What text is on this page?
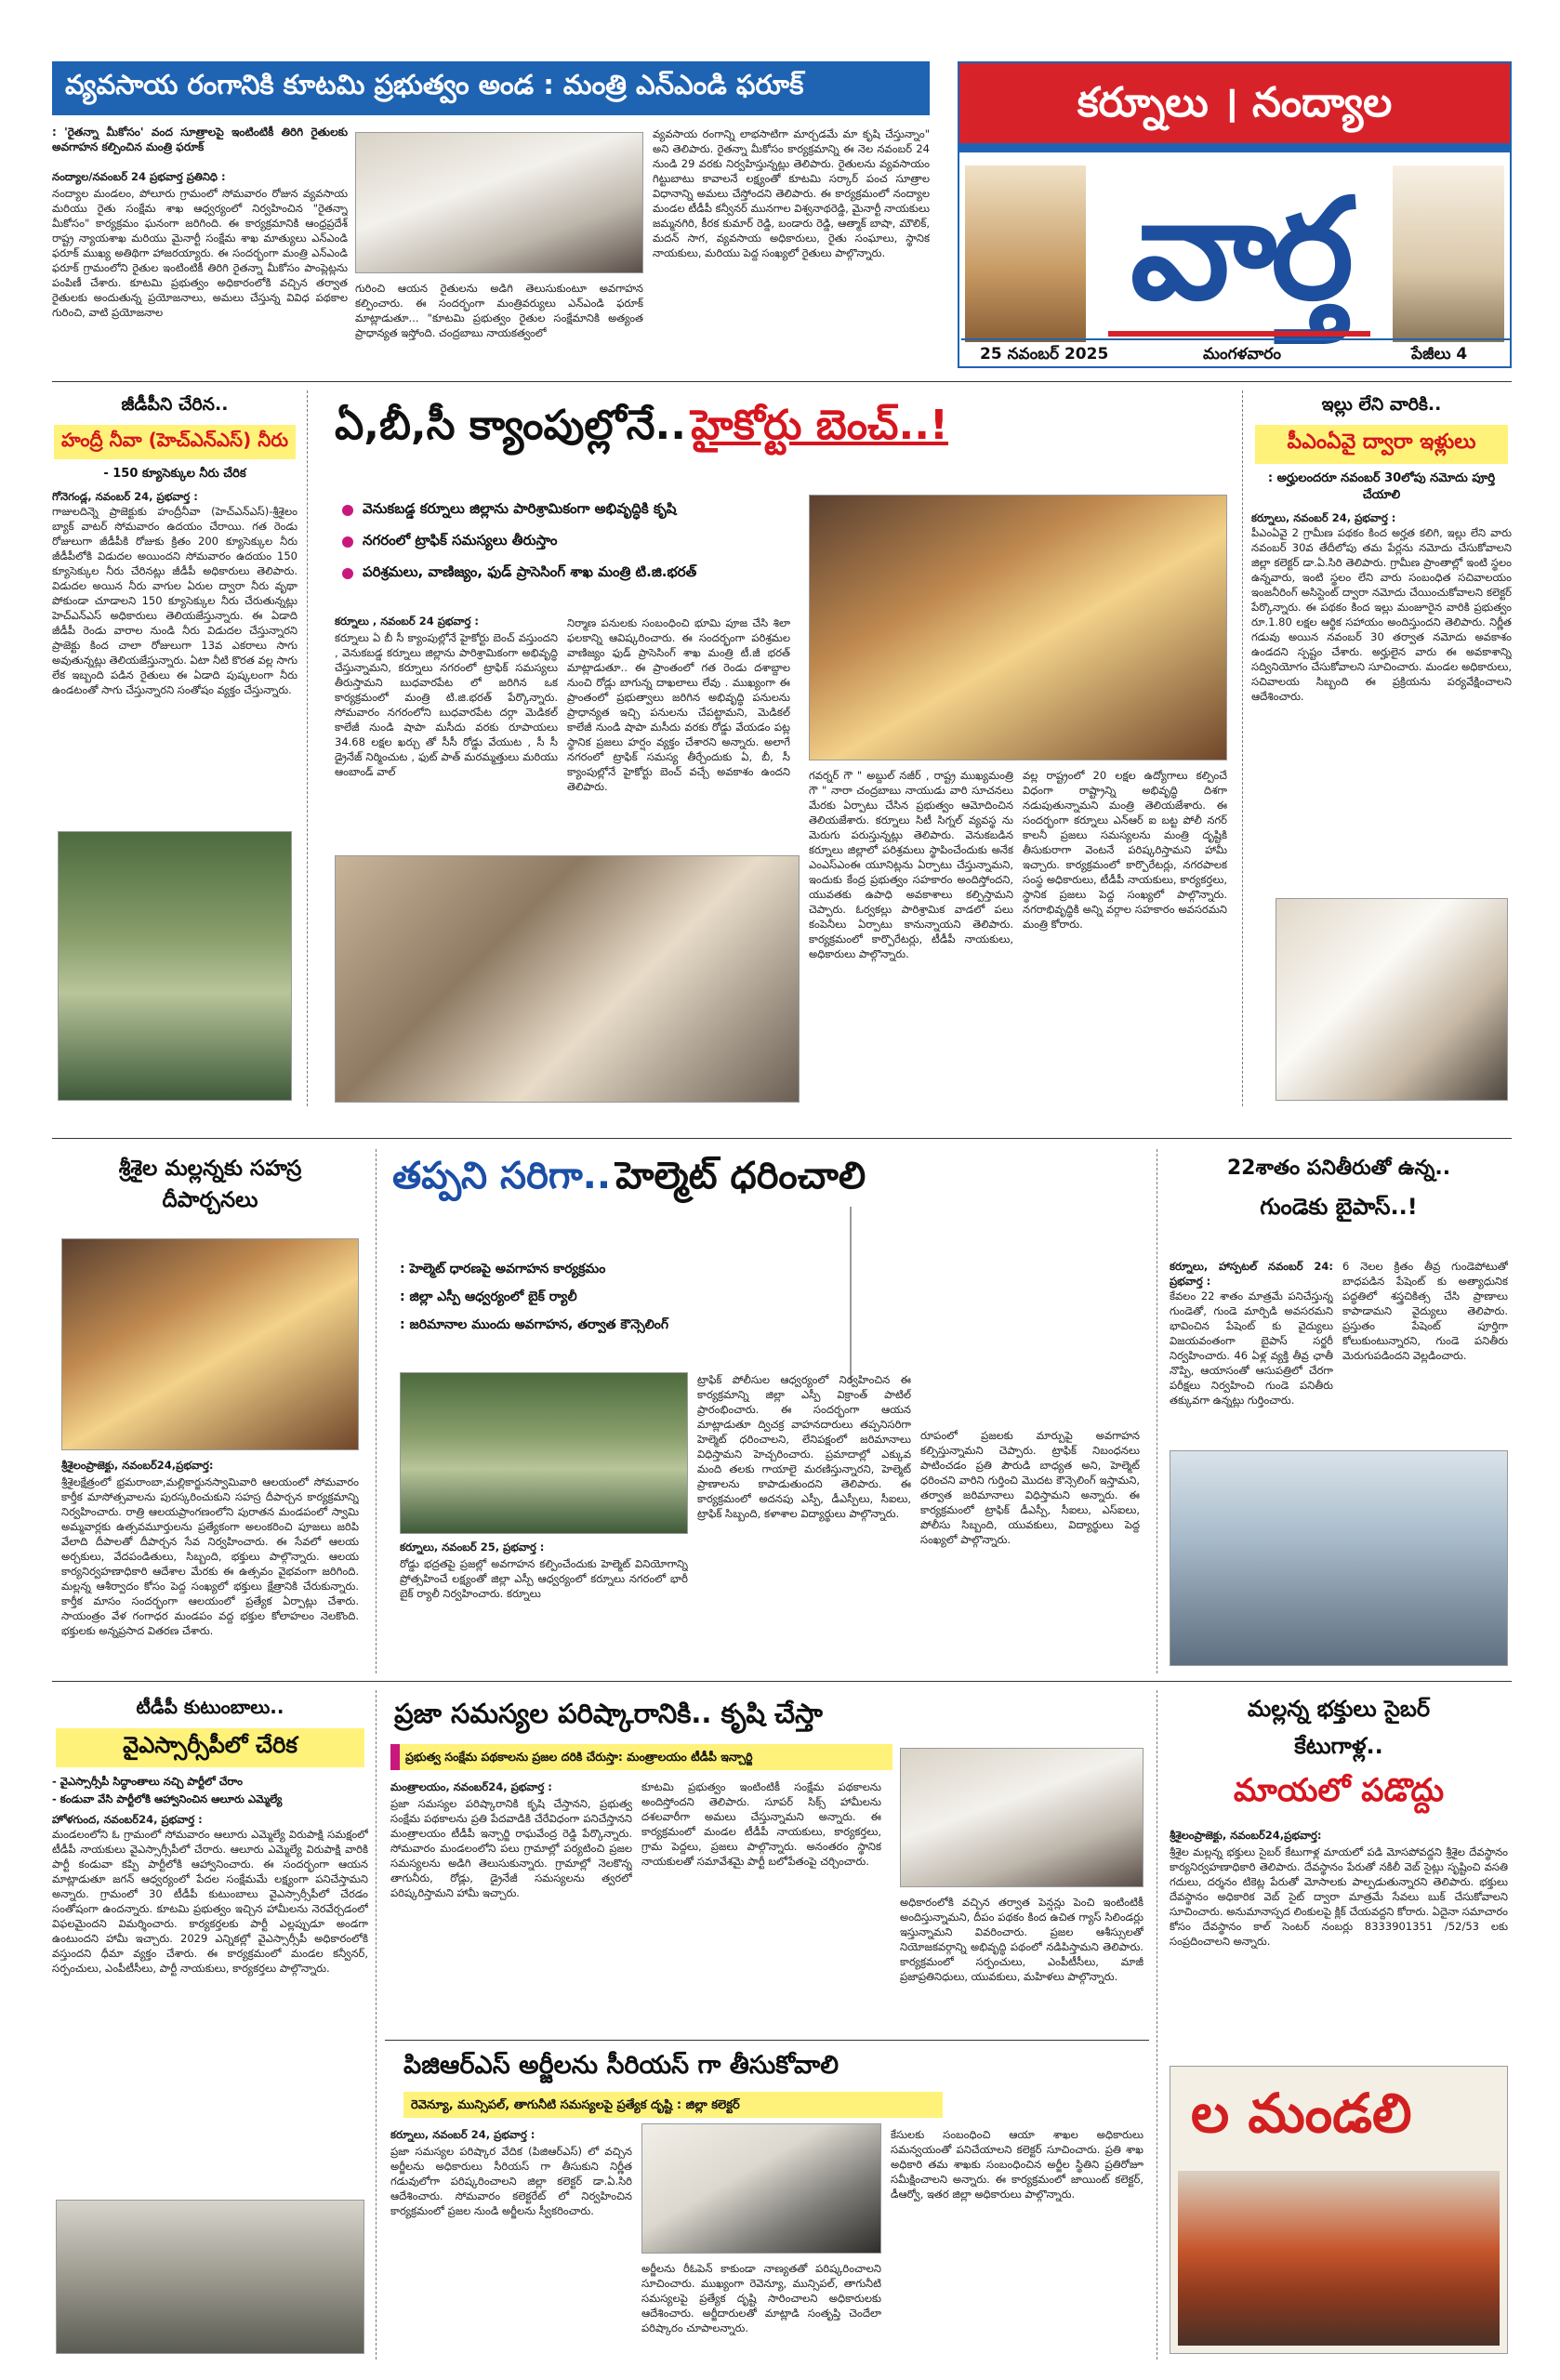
వ్యవసాయ రంగానికి కూటమి ప్రభుత్వం అండ : మంత్రి ఎన్ఎండి ఫరూక్	కర్నూలు । నంద్యాల
వార్త
25 నవంబర్ 2025	మంగళవారం	పేజీలు 4
: 'రైతన్నా మీకోసం' వంద సూత్రాలపై ఇంటింటికీ తిరిగి రైతులకు అవగాహన కల్పించిన మంత్రి ఫరూక్
నంద్యాల/నవంబర్ 24 ప్రభవార్త ప్రతినిధి :
నంద్యాల మండలం, పోలూరు గ్రామంలో సోమవారం రోజున వ్యవసాయ మరియు రైతు సంక్షేమ శాఖ ఆధ్వర్యంలో నిర్వహించిన "రైతన్నా మీకోసం" కార్యక్రమం ఘనంగా జరిగింది. ఈ కార్యక్రమానికి ఆంధ్రప్రదేశ్ రాష్ట్ర న్యాయశాఖ మరియు మైనార్టీ సంక్షేమ శాఖ మాత్యులు ఎన్ఎండి ఫరూక్ ముఖ్య అతిథిగా హాజరయ్యారు. ఈ సందర్భంగా మంత్రి ఎన్ఎండి ఫరూక్ గ్రామంలోని రైతుల ఇంటింటికీ తిరిగి రైతన్నా మీకోసం పాంప్లెట్లను పంపిణీ చేశారు. కూటమి ప్రభుత్వం అధికారంలోకి వచ్చిన తర్వాత రైతులకు అందుతున్న ప్రయోజనాలు, అమలు చేస్తున్న వివిధ పథకాల గురించి, వాటి ప్రయోజనాల
గురించి ఆయన రైతులను అడిగి తెలుసుకుంటూ అవగాహన కల్పించారు. ఈ సందర్భంగా మంత్రివర్యులు ఎన్ఎండి ఫరూక్ మాట్లాడుతూ... "కూటమి ప్రభుత్వం రైతుల సంక్షేమానికి అత్యంత ప్రాధాన్యత ఇస్తోంది. చంద్రబాబు నాయకత్వంలో
వ్యవసాయ రంగాన్ని లాభసాటిగా మార్చడమే మా కృషి చేస్తున్నాం" అని తెలిపారు. రైతన్నా మీకోసం కార్యక్రమాన్ని ఈ నెల నవంబర్ 24 నుండి 29 వరకు నిర్వహిస్తున్నట్లు తెలిపారు. రైతులను వ్యవసాయం గిట్టుబాటు కావాలనే లక్ష్యంతో కూటమి సర్కార్ పంచ సూత్రాల విధానాన్ని అమలు చేస్తోందని తెలిపారు. ఈ కార్యక్రమంలో నంద్యాల మండల టీడీపీ కన్వీనర్ మునగాల విశ్వనాథరెడ్డి, మైనార్టీ నాయకులు జమ్మనగిరి, కీరక కుమార్ రెడ్డి, బండారు రెడ్డి, ఆత్మాక్ బాషా, మౌలిక్, మదన్ సాగ, వ్యవసాయ అధికారులు, రైతు సంఘాలు, స్థానిక నాయకులు, మరియు పెద్ద సంఖ్యలో రైతులు పాల్గొన్నారు.
జీడీపీని చేరిన..
హంద్రీ నీవా (హెచ్ఎన్ఎస్) నీరు
- 150 క్యూసెక్కుల నీరు చేరిక
గోనెగండ్ల, నవంబర్ 24, ప్రభవార్త :
గాజులదిన్నె ప్రాజెక్టుకు హంద్రీనీవా (హెచ్ఎన్ఎస్)-శ్రీశైలం బ్యాక్ వాటర్ సోమవారం ఉదయం చేరాయి. గత రెండు రోజులుగా జీడీపీకి రోజుకు క్రితం 200 క్యూసెక్కుల నీరు జీడీపీలోకి విడుదల అయిందని సోమవారం ఉదయం 150 క్యూసెక్కుల నీరు చేరినట్లు జీడీపీ అధికారులు తెలిపారు. విడుదల అయిన నీరు వాగుల ఏరుల ద్వారా నీరు వృథా పోకుండా చూడాలని 150 క్యూసెక్కుల నీరు చేరుతున్నట్లు హెచ్ఎన్ఎస్ అధికారులు తెలియజేస్తున్నారు. ఈ ఏడాది జీడీపీ రెండు వారాల నుండి నీరు విడుదల చేస్తున్నారని ప్రాజెక్టు కింద చాలా రోజులుగా 13వ ఎకరాలు సాగు అవుతున్నట్లు తెలియజేస్తున్నారు. ఏటా నీటి కొరత వల్ల సాగు లేక ఇబ్బంది పడిన రైతులు ఈ ఏడాది పుష్కలంగా నీరు ఉండటంతో సాగు చేస్తున్నారని సంతోషం వ్యక్తం చేస్తున్నారు.
ఏ,బీ,సీ క్యాంపుల్లోనే.. హైకోర్టు బెంచ్..!
వెనుకబడ్డ కర్నూలు జిల్లాను పారిశ్రామికంగా అభివృద్ధికి కృషి
నగరంలో ట్రాఫిక్ సమస్యలు తీరుస్తాం
పరిశ్రమలు, వాణిజ్యం, ఫుడ్ ప్రాసెసింగ్ శాఖ మంత్రి టి.జి.భరత్
కర్నూలు , నవంబర్ 24 ప్రభవార్త :
కర్నూలు ఏ బీ సీ క్యాంపుల్లోనే హైకోర్టు బెంచ్ వస్తుందని , వెనుకబడ్డ కర్నూలు జిల్లాను పారిశ్రామికంగా అభివృద్ధి చేస్తున్నామని, కర్నూలు నగరంలో ట్రాఫిక్ సమస్యలు తీరుస్తామని బుధవారపేట లో జరిగిన ఒక కార్యక్రమంలో మంత్రి టి.జి.భరత్ పేర్కొన్నారు. సోమవారం నగరంలోని బుధవారపేట దర్గా మెడికల్ కాలేజీ నుండి షాపా మసీదు వరకు రూపాయలు 34.68 లక్షల ఖర్చు తో సీసీ రోడ్డు వేయుట , సీ సీ డ్రైనేజ్ నిర్మించుట , ఫుట్ పాత్ మరమ్మత్తులు మరియు ఆంబాండ్ వాల్
నిర్మాణ పనులకు సంబంధించి భూమి పూజ చేసి శిలా ఫలకాన్ని ఆవిష్కరించారు. ఈ సందర్భంగా పరిశ్రమల వాణిజ్యం ఫుడ్ ప్రాసెసింగ్ శాఖ మంత్రి టీ.జీ భరత్ మాట్లాడుతూ.. ఈ ప్రాంతంలో గత రెండు దశాబ్దాల నుంచి రోడ్లు బాగున్న దాఖలాలు లేవు . ముఖ్యంగా ఈ ప్రాంతంలో ప్రభుత్వాలు జరిగిన అభివృద్ధి పనులను ప్రాధాన్యత ఇచ్చి పనులను చేపట్టామని, మెడికల్ కాలేజీ నుండి షాపా మసీదు వరకు రోడ్డు వేయడం పట్ల స్థానిక ప్రజలు హర్షం వ్యక్తం చేశారని అన్నారు. అలాగే నగరంలో ట్రాఫిక్ సమస్య తీర్చేందుకు ఏ, బీ, సీ క్యాంపుల్లోనే హైకోర్టు బెంచ్ వచ్చే అవకాశం ఉందని తెలిపారు.
గవర్నర్ గౌ " అబ్దుల్ నజీర్ , రాష్ట్ర ముఖ్యమంత్రి గౌ " నారా చంద్రబాబు నాయుడు వారి సూచనలు మేరకు ఏర్పాటు చేసిన ప్రభుత్వం ఆమోదించిన తెలియజేశారు. కర్నూలు సిటీ సిగ్నల్ వ్యవస్థ ను మెరుగు పరుస్తున్నట్లు తెలిపారు. వెనుకబడిన కర్నూలు జిల్లాలో పరిశ్రమలు స్థాపించేందుకు అనేక ఎంఎస్ఎంఈ యూనిట్లను ఏర్పాటు చేస్తున్నామని, ఇందుకు కేంద్ర ప్రభుత్వం సహకారం అందిస్తోందని, యువతకు ఉపాధి అవకాశాలు కల్పిస్తామని చెప్పారు. ఓర్వకల్లు పారిశ్రామిక వాడలో పలు కంపెనీలు ఏర్పాటు కానున్నాయని తెలిపారు. కార్యక్రమంలో కార్పొరేటర్లు, టీడీపీ నాయకులు, అధికారులు పాల్గొన్నారు.
వల్ల రాష్ట్రంలో 20 లక్షల ఉద్యోగాలు కల్పించే విధంగా రాష్ట్రాన్ని అభివృద్ధి దిశగా నడుపుతున్నామని మంత్రి తెలియజేశారు. ఈ సందర్భంగా కర్నూలు ఎన్ఆర్ ఐ బట్ట పోలీ నగర్ కాలనీ ప్రజలు సమస్యలను మంత్రి దృష్టికి తీసుకురాగా వెంటనే పరిష్కరిస్తామని హామీ ఇచ్చారు. కార్యక్రమంలో కార్పొరేటర్లు, నగరపాలక సంస్థ అధికారులు, టీడీపీ నాయకులు, కార్యకర్తలు, స్థానిక ప్రజలు పెద్ద సంఖ్యలో పాల్గొన్నారు. నగరాభివృద్ధికి అన్ని వర్గాల సహకారం అవసరమని మంత్రి కోరారు.
ఇల్లు లేని వారికి..
పీఎంఏవై ద్వారా ఇళ్లులు
: అర్హులందరూ నవంబర్ 30లోపు నమోదు పూర్తి చేయాలి
కర్నూలు, నవంబర్ 24, ప్రభవార్త :
పీఎంఏవై 2 గ్రామీణ పథకం కింద అర్హత కలిగి, ఇల్లు లేని వారు నవంబర్ 30వ తేదీలోపు తమ పేర్లను నమోదు చేసుకోవాలని జిల్లా కలెక్టర్ డా.ఏ.సిరి తెలిపారు. గ్రామీణ ప్రాంతాల్లో ఇంటి స్థలం ఉన్నవారు, ఇంటి స్థలం లేని వారు సంబంధిత సచివాలయం ఇంజనీరింగ్ అసిస్టెంట్ ద్వారా నమోదు చేయించుకోవాలని కలెక్టర్ పేర్కొన్నారు. ఈ పథకం కింద ఇల్లు మంజూరైన వారికి ప్రభుత్వం రూ.1.80 లక్షల ఆర్థిక సహాయం అందిస్తుందని తెలిపారు. నిర్ణీత గడువు అయిన నవంబర్ 30 తర్వాత నమోదు అవకాశం ఉండదని స్పష్టం చేశారు. అర్హులైన వారు ఈ అవకాశాన్ని సద్వినియోగం చేసుకోవాలని సూచించారు. మండల అధికారులు, సచివాలయ సిబ్బంది ఈ ప్రక్రియను పర్యవేక్షించాలని ఆదేశించారు.
శ్రీశైల మల్లన్నకు సహస్ర దీపార్చనలు
శ్రీశైలంప్రాజెక్టు, నవంబర్24,ప్రభవార్త:
శ్రీశైలక్షేత్రంలో భ్రమరాంబా,మల్లికార్జునస్వామివారి ఆలయంలో సోమవారం కార్తీక మాసోత్సవాలను పురస్కరించుకుని సహస్ర దీపార్చన కార్యక్రమాన్ని నిర్వహించారు. రాత్రి ఆలయప్రాంగణంలోని పురాతన మండపంలో స్వామి అమ్మవార్లకు ఉత్సవమూర్తులను ప్రత్యేకంగా అలంకరించి పూజలు జరిపి వేలాది దీపాలతో దీపార్చన సేవ నిర్వహించారు. ఈ సేవలో ఆలయ అర్చకులు, వేదపండితులు, సిబ్బంది, భక్తులు పాల్గొన్నారు. ఆలయ కార్యనిర్వహణాధికారి ఆదేశాల మేరకు ఈ ఉత్సవం వైభవంగా జరిగింది. మల్లన్న ఆశీర్వాదం కోసం పెద్ద సంఖ్యలో భక్తులు క్షేత్రానికి చేరుకున్నారు. కార్తీక మాసం సందర్భంగా ఆలయంలో ప్రత్యేక ఏర్పాట్లు చేశారు. సాయంత్రం వేళ గంగాధర మండపం వద్ద భక్తుల కోలాహలం నెలకొంది. భక్తులకు అన్నప్రసాద వితరణ చేశారు.
తప్పని సరిగా.. హెల్మెట్ ధరించాలి
: హెల్మెట్ ధారణపై అవగాహన కార్యక్రమం
: జిల్లా ఎస్పీ ఆధ్వర్యంలో బైక్ ర్యాలీ
: జరిమానాల ముందు అవగాహన, తర్వాత కౌన్సెలింగ్
కర్నూలు, నవంబర్ 25, ప్రభవార్త :
రోడ్డు భద్రతపై ప్రజల్లో అవగాహన కల్పించేందుకు హెల్మెట్ వినియోగాన్ని ప్రోత్సహించే లక్ష్యంతో జిల్లా ఎస్పీ ఆధ్వర్యంలో కర్నూలు నగరంలో భారీ బైక్ ర్యాలీ నిర్వహించారు. కర్నూలు
ట్రాఫిక్ పోలీసుల ఆధ్వర్యంలో నిర్వహించిన ఈ కార్యక్రమాన్ని జిల్లా ఎస్పీ విక్రాంత్ పాటిల్ ప్రారంభించారు. ఈ సందర్భంగా ఆయన మాట్లాడుతూ ద్విచక్ర వాహనదారులు తప్పనిసరిగా హెల్మెట్ ధరించాలని, లేనిపక్షంలో జరిమానాలు విధిస్తామని హెచ్చరించారు. ప్రమాదాల్లో ఎక్కువ మంది తలకు గాయాలై మరణిస్తున్నారని, హెల్మెట్ ప్రాణాలను కాపాడుతుందని తెలిపారు. ఈ కార్యక్రమంలో అదనపు ఎస్పీ, డీఎస్పీలు, సీఐలు, ట్రాఫిక్ సిబ్బంది, కళాశాల విద్యార్థులు పాల్గొన్నారు.
రూపంలో ప్రజలకు మార్పుపై అవగాహన కల్పిస్తున్నామని చెప్పారు. ట్రాఫిక్ నిబంధనలు పాటించడం ప్రతి పౌరుడి బాధ్యత అని, హెల్మెట్ ధరించని వారిని గుర్తించి మొదట కౌన్సెలింగ్ ఇస్తామని, తర్వాత జరిమానాలు విధిస్తామని అన్నారు. ఈ కార్యక్రమంలో ట్రాఫిక్ డీఎస్పీ, సీఐలు, ఎస్ఐలు, పోలీసు సిబ్బంది, యువకులు, విద్యార్థులు పెద్ద సంఖ్యలో పాల్గొన్నారు.
22శాతం పనితీరుతో ఉన్న..
గుండెకు బైపాస్..!
కర్నూలు, హాస్పటల్ నవంబర్ 24: ప్రభవార్త :
కేవలం 22 శాతం మాత్రమే పనిచేస్తున్న గుండెతో, గుండె మార్పిడి అవసరమని భావించిన పేషెంట్ కు వైద్యులు విజయవంతంగా బైపాస్ సర్జరీ నిర్వహించారు. 46 ఏళ్ల వ్యక్తి తీవ్ర ఛాతీ నొప్పి, ఆయాసంతో ఆసుపత్రిలో చేరగా పరీక్షలు నిర్వహించి గుండె పనితీరు తక్కువగా ఉన్నట్లు గుర్తించారు.
6 నెలల క్రితం తీవ్ర గుండెపోటుతో బాధపడిన పేషెంట్ కు అత్యాధునిక పద్ధతిలో శస్త్రచికిత్స చేసి ప్రాణాలు కాపాడామని వైద్యులు తెలిపారు. ప్రస్తుతం పేషెంట్ పూర్తిగా కోలుకుంటున్నారని, గుండె పనితీరు మెరుగుపడిందని వెల్లడించారు.
టీడీపీ కుటుంబాలు..
వైఎస్సార్సీపీలో చేరిక
- వైఎస్సార్సీపీ సిద్ధాంతాలు నచ్చి పార్టీలో చేరాం
- కండువా వేసి పార్టీలోకి ఆహ్వానించిన ఆలూరు ఎమ్మెల్యే
హోళగుంద, నవంబర్24, ప్రభవార్త :
మండలంలోని ఓ గ్రామంలో సోమవారం ఆలూరు ఎమ్మెల్యే విరుపాక్షి సమక్షంలో టీడీపీ నాయకులు వైఎస్సార్సీపీలో చేరారు. ఆలూరు ఎమ్మెల్యే విరుపాక్షి వారికి పార్టీ కండువా కప్పి పార్టీలోకి ఆహ్వానించారు. ఈ సందర్భంగా ఆయన మాట్లాడుతూ జగన్ ఆధ్వర్యంలో పేదల సంక్షేమమే లక్ష్యంగా పనిచేస్తామని అన్నారు. గ్రామంలో 30 టీడీపీ కుటుంబాలు వైఎస్సార్సీపీలో చేరడం సంతోషంగా ఉందన్నారు. కూటమి ప్రభుత్వం ఇచ్చిన హామీలను నెరవేర్చడంలో విఫలమైందని విమర్శించారు. కార్యకర్తలకు పార్టీ ఎల్లప్పుడూ అండగా ఉంటుందని హామీ ఇచ్చారు. 2029 ఎన్నికల్లో వైఎస్సార్సీపీ అధికారంలోకి వస్తుందని ధీమా వ్యక్తం చేశారు. ఈ కార్యక్రమంలో మండల కన్వీనర్, సర్పంచులు, ఎంపీటీసీలు, పార్టీ నాయకులు, కార్యకర్తలు పాల్గొన్నారు.
ప్రజా సమస్యల పరిష్కారానికి.. కృషి చేస్తా
ప్రభుత్వ సంక్షేమ పథకాలను ప్రజల దరికి చేరుస్తా: మంత్రాలయం టీడీపీ ఇన్చార్జి
మంత్రాలయం, నవంబర్24, ప్రభవార్త :
ప్రజా సమస్యల పరిష్కారానికి కృషి చేస్తానని, ప్రభుత్వ సంక్షేమ పథకాలను ప్రతి పేదవాడికి చేరేవిధంగా పనిచేస్తానని మంత్రాలయం టీడీపీ ఇన్చార్జి రాఘవేంద్ర రెడ్డి పేర్కొన్నారు. సోమవారం మండలంలోని పలు గ్రామాల్లో పర్యటించి ప్రజల సమస్యలను అడిగి తెలుసుకున్నారు. గ్రామాల్లో నెలకొన్న తాగునీరు, రోడ్లు, డ్రైనేజీ సమస్యలను త్వరలో పరిష్కరిస్తామని హామీ ఇచ్చారు.
కూటమి ప్రభుత్వం ఇంటింటికీ సంక్షేమ పథకాలను అందిస్తోందని తెలిపారు. సూపర్ సిక్స్ హామీలను దశలవారీగా అమలు చేస్తున్నామని అన్నారు. ఈ కార్యక్రమంలో మండల టీడీపీ నాయకులు, కార్యకర్తలు, గ్రామ పెద్దలు, ప్రజలు పాల్గొన్నారు. అనంతరం స్థానిక నాయకులతో సమావేశమై పార్టీ బలోపేతంపై చర్చించారు.
అధికారంలోకి వచ్చిన తర్వాత పెన్షన్లు పెంచి ఇంటింటికీ అందిస్తున్నామని, దీపం పథకం కింద ఉచిత గ్యాస్ సిలిండర్లు ఇస్తున్నామని వివరించారు. ప్రజల ఆశీస్సులతో నియోజకవర్గాన్ని అభివృద్ధి పథంలో నడిపిస్తామని తెలిపారు. కార్యక్రమంలో సర్పంచులు, ఎంపీటీసీలు, మాజీ ప్రజాప్రతినిధులు, యువకులు, మహిళలు పాల్గొన్నారు.
పిజిఆర్ఎస్ అర్జీలను సీరియస్ గా తీసుకోవాలి
రెవెన్యూ, మున్సిపల్, తాగునీటి సమస్యలపై ప్రత్యేక దృష్టి : జిల్లా కలెక్టర్
కర్నూలు, నవంబర్ 24, ప్రభవార్త :
ప్రజా సమస్యల పరిష్కార వేదిక (పిజిఆర్ఎస్) లో వచ్చిన అర్జీలను అధికారులు సీరియస్ గా తీసుకుని నిర్ణీత గడువులోగా పరిష్కరించాలని జిల్లా కలెక్టర్ డా.ఏ.సిరి ఆదేశించారు. సోమవారం కలెక్టరేట్ లో నిర్వహించిన కార్యక్రమంలో ప్రజల నుండి అర్జీలను స్వీకరించారు.
అర్జీలను రీఓపెన్ కాకుండా నాణ్యతతో పరిష్కరించాలని సూచించారు. ముఖ్యంగా రెవెన్యూ, మున్సిపల్, తాగునీటి సమస్యలపై ప్రత్యేక దృష్టి సారించాలని అధికారులకు ఆదేశించారు. అర్జీదారులతో మాట్లాడి సంతృప్తి చెందేలా పరిష్కారం చూపాలన్నారు.
కేసులకు సంబంధించి ఆయా శాఖల అధికారులు సమన్వయంతో పనిచేయాలని కలెక్టర్ సూచించారు. ప్రతి శాఖ అధికారి తమ శాఖకు సంబంధించిన అర్జీల స్థితిని ప్రతిరోజూ సమీక్షించాలని అన్నారు. ఈ కార్యక్రమంలో జాయింట్ కలెక్టర్, డీఆర్వో, ఇతర జిల్లా అధికారులు పాల్గొన్నారు.
మల్లన్న భక్తులు సైబర్
కేటుగాళ్ల..
మాయలో పడొద్దు
శ్రీశైలంప్రాజెక్టు, నవంబర్24,ప్రభవార్త:
శ్రీశైల మల్లన్న భక్తులు సైబర్ కేటుగాళ్ల మాయలో పడి మోసపోవద్దని శ్రీశైల దేవస్థానం కార్యనిర్వహణాధికారి తెలిపారు. దేవస్థానం పేరుతో నకిలీ వెబ్ సైట్లు సృష్టించి వసతి గదులు, దర్శనం టికెట్ల పేరుతో మోసాలకు పాల్పడుతున్నారని తెలిపారు. భక్తులు దేవస్థానం అధికారిక వెబ్ సైట్ ద్వారా మాత్రమే సేవలు బుక్ చేసుకోవాలని సూచించారు. అనుమానాస్పద లింకులపై క్లిక్ చేయవద్దని కోరారు. ఏదైనా సమాచారం కోసం దేవస్థానం కాల్ సెంటర్ నంబర్లు 8333901351 /52/53 లకు సంప్రదించాలని అన్నారు.
ల మండలి
